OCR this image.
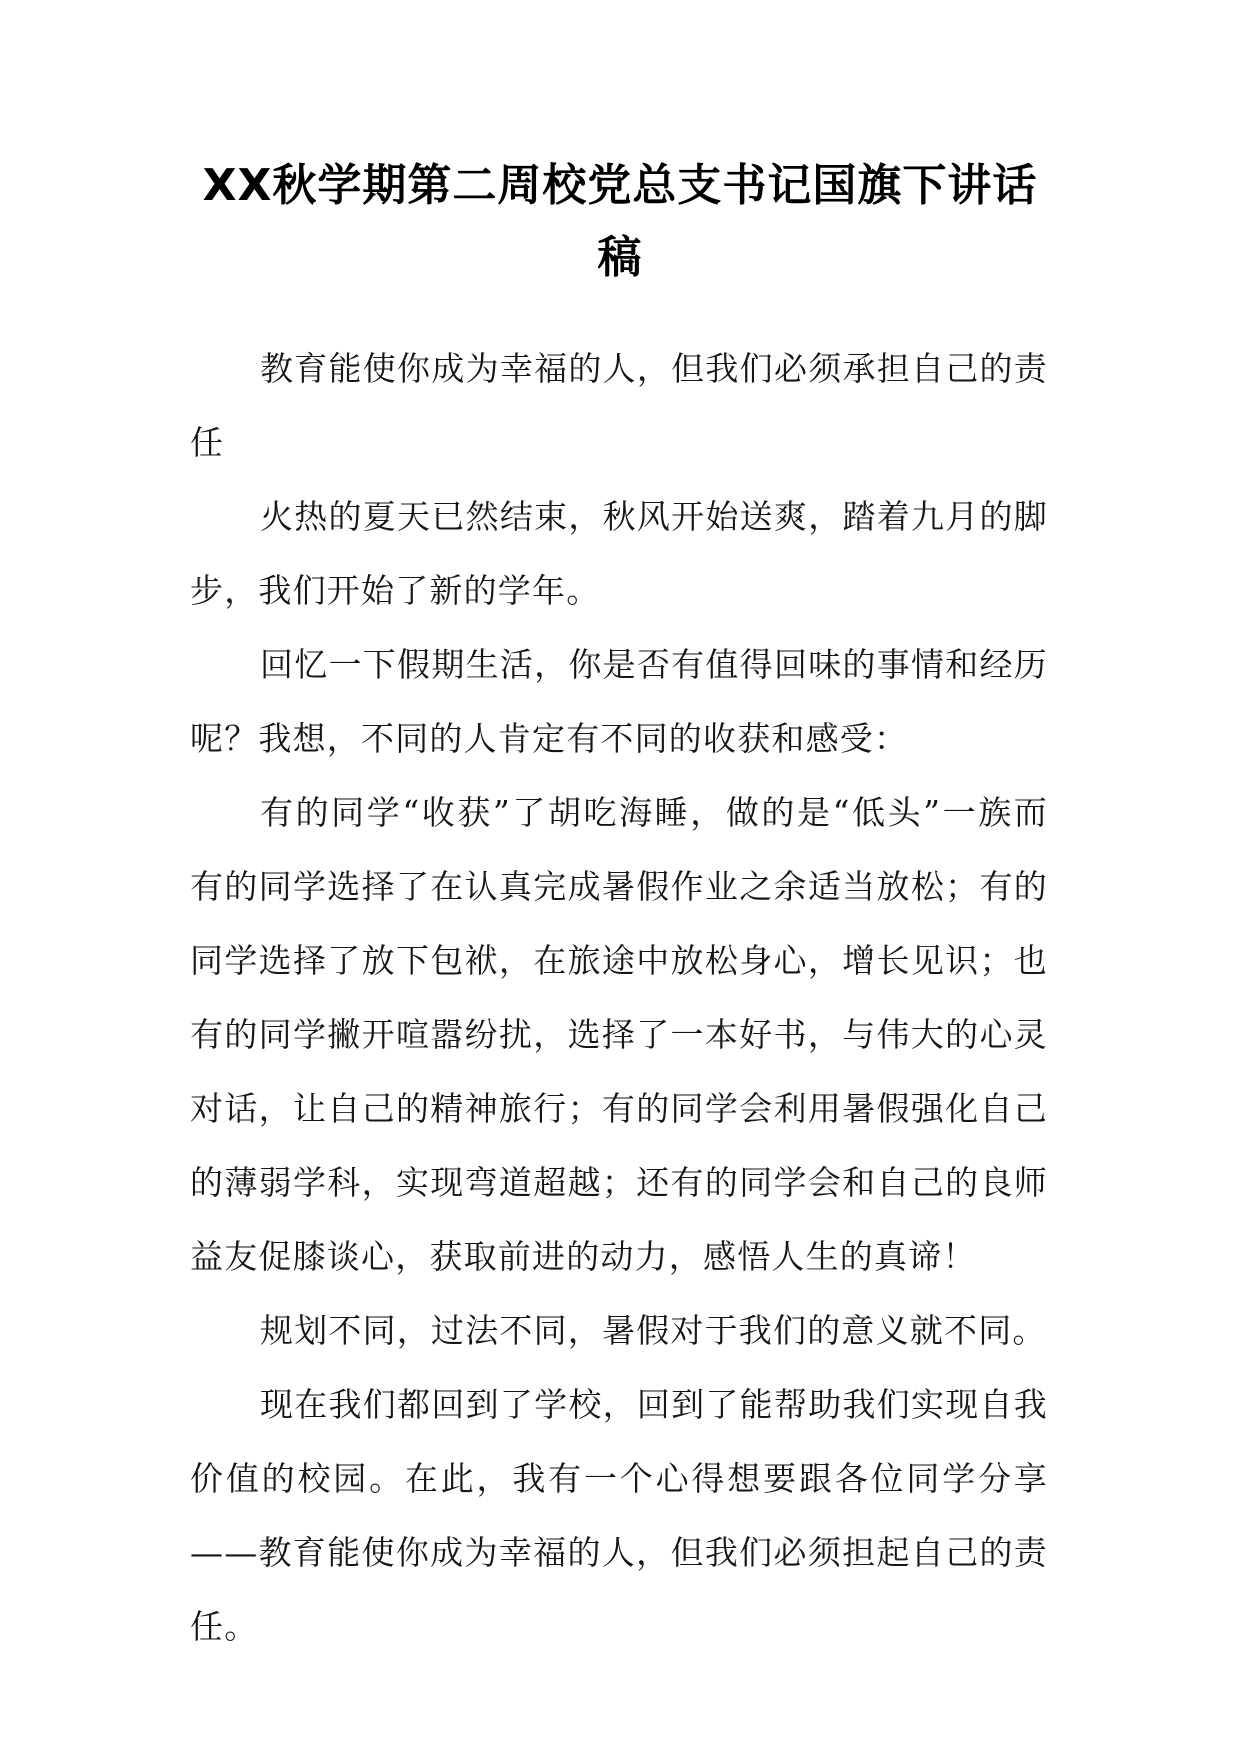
XX秋学期第二周校党总支书记国旗下讲话稿

教育能使你成为幸福的人，但我们必须承担自己的责任

火热的夏天已然结束，秋风开始送爽，踏着九月的脚步，我们开始了新的学年。

回忆一下假期生活，你是否有值得回味的事情和经历呢？我想，不同的人肯定有不同的收获和感受：

有的同学“收获”了胡吃海睡，做的是“低头”一族而有的同学选择了在认真完成暑假作业之余适当放松；有的同学选择了放下包袱，在旅途中放松身心，增长见识；也有的同学撇开喧嚣纷扰，选择了一本好书，与伟大的心灵对话，让自己的精神旅行；有的同学会利用暑假强化自己的薄弱学科，实现弯道超越；还有的同学会和自己的良师益友促膝谈心，获取前进的动力，感悟人生的真谛！

规划不同，过法不同，暑假对于我们的意义就不同。

现在我们都回到了学校，回到了能帮助我们实现自我价值的校园。在此，我有一个心得想要跟各位同学分享——教育能使你成为幸福的人，但我们必须担起自己的责任。
